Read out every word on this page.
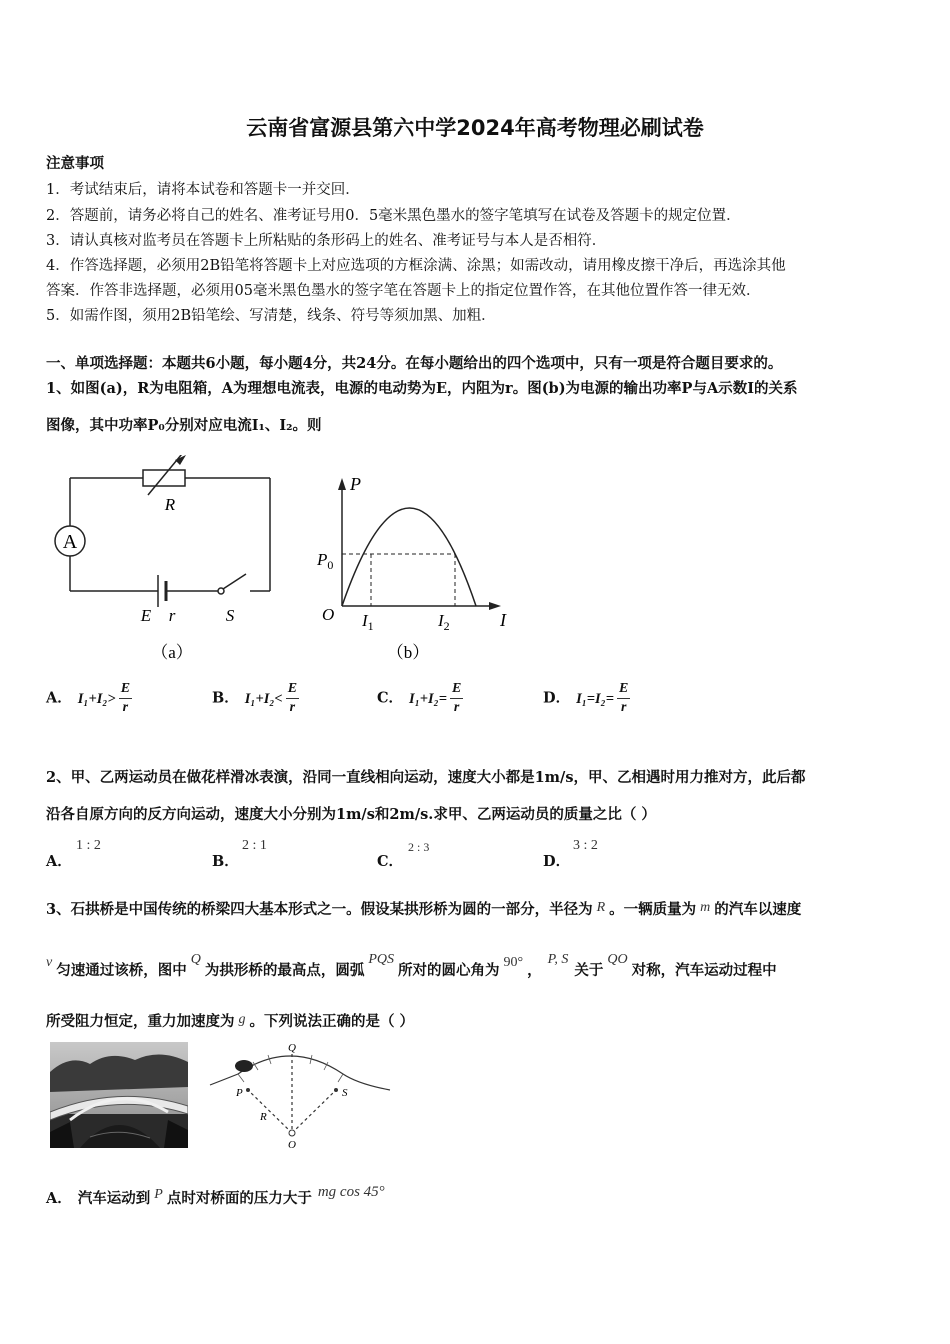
云南省富源县第六中学2024年高考物理必刷试卷
注意事项
1．考试结束后，请将本试卷和答题卡一并交回．
2．答题前，请务必将自己的姓名、准考证号用0．5毫米黑色墨水的签字笔填写在试卷及答题卡的规定位置．
3．请认真核对监考员在答题卡上所粘贴的条形码上的姓名、准考证号与本人是否相符．
4．作答选择题，必须用2B铅笔将答题卡上对应选项的方框涂满、涂黑；如需改动，请用橡皮擦干净后，再选涂其他
答案．作答非选择题，必须用05毫米黑色墨水的签字笔在答题卡上的指定位置作答，在其他位置作答一律无效．
5．如需作图，须用2B铅笔绘、写清楚，线条、符号等须加黑、加粗．
一、单项选择题：本题共6小题，每小题4分，共24分。在每小题给出的四个选项中，只有一项是符合题目要求的。
1、如图(a)，R为电阻箱，A为理想电流表，电源的电动势为E，内阻为r。图(b)为电源的输出功率P与A示数I的关系
图像，其中功率P₀分别对应电流I₁、I₂。则
A
R
E r	S
（a）
P
$P_0$
O $I_1$	$I_2$	I
（b）
A． $I_1+I_2> \frac{E}{r}$	B． $I_1+I_2< \frac{E}{r}$	C． $I_1+I_2= \frac{E}{r}$	D． $I_1=I_2= \frac{E}{r}$
2、甲、乙两运动员在做花样滑冰表演，沿同一直线相向运动，速度大小都是1m/s，甲、乙相遇时用力推对方，此后都
沿各自原方向的反方向运动，速度大小分别为1m/s和2m/s.求甲、乙两运动员的质量之比（ ）
A．
1 : 2
B．
2 : 1
C．
2 : 3
D．
3 : 2
3、石拱桥是中国传统的桥梁四大基本形式之一。假设某拱形桥为圆的一部分，半径为 R 。一辆质量为 m 的汽车以速度
v 匀速通过该桥，图中Q为拱形桥的最高点，圆弧PQS所对的圆心角为 90° ，P, S关于QO对称，汽车运动过程中
所受阻力恒定，重力加速度为 g 。下列说法正确的是（ ）
Q
P	S
R
O
A． 汽车运动到 P 点时对桥面的压力大于 mg cos 45°
